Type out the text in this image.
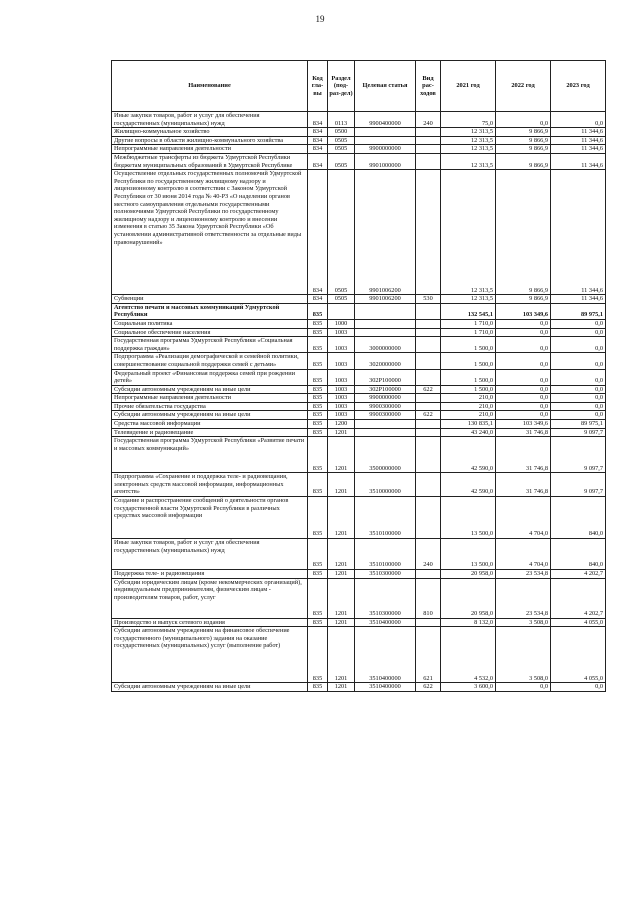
19
Наименование	Код гла-вы	Раздел (под-раз-дел)	Целевая статья	Вид рас-ходов	2021 год	2022 год	2023 год
Иные закупки товаров, работ и услуг для обеспечения государственных (муниципальных) нужд	834	0113	9900400000	240	75,0	0,0	0,0
Жилищно-коммунальное хозяйство	834	0500			12 313,5	9 866,9	11 344,6
Другие вопросы в области жилищно-коммунального хозяйства	834	0505			12 313,5	9 866,9	11 344,6
Непрограммные направления деятельности	834	0505	9900000000		12 313,5	9 866,9	11 344,6
Межбюджетные трансферты из бюджета Удмуртской Республики бюджетам муниципальных образований в Удмуртской Республике	834	0505	9901000000		12 313,5	9 866,9	11 344,6
Осуществление отдельных государственных полномочий Удмуртской Республики по государственному жилищному надзору и лицензионному контролю в соответствии с Законом Удмуртской Республики от 30 июня 2014 года № 40-РЗ «О наделении органов местного самоуправления отдельными государственными полномочиями Удмуртской Республики по государственному жилищному надзору и лицензионному контролю и внесении изменения в статью 35 Закона Удмуртской Республики «Об установлении административной ответственности за отдельные виды правонарушений»	834	0505	9901006200		12 313,5	9 866,9	11 344,6
Субвенции	834	0505	9901006200	530	12 313,5	9 866,9	11 344,6
Агентство печати и массовых коммуникаций Удмуртской Республики	835				132 545,1	103 349,6	89 975,1
Социальная политика	835	1000			1 710,0	0,0	0,0
Социальное обеспечение населения	835	1003			1 710,0	0,0	0,0
Государственная программа Удмуртской Республики «Социальная поддержка граждан»	835	1003	3000000000		1 500,0	0,0	0,0
Подпрограмма «Реализация демографической и семейной политики, совершенствование социальной поддержки семей с детьми»	835	1003	3020000000		1 500,0	0,0	0,0
Федеральный проект «Финансовая поддержка семей при рождении детей»	835	1003	302P100000		1 500,0	0,0	0,0
Субсидии автономным учреждениям на иные цели	835	1003	302P100000	622	1 500,0	0,0	0,0
Непрограммные направления деятельности	835	1003	9900000000		210,0	0,0	0,0
Прочие обязательства государства	835	1003	9900300000		210,0	0,0	0,0
Субсидии автономным учреждениям на иные цели	835	1003	9900300000	622	210,0	0,0	0,0
Средства массовой информации	835	1200			130 835,1	103 349,6	89 975,1
Телевидение и радиовещание	835	1201			43 240,0	31 746,8	9 097,7
Государственная программа Удмуртской Республики «Развитие печати и массовых коммуникаций»	835	1201	3500000000		42 590,0	31 746,8	9 097,7
Подпрограмма «Сохранение и поддержка теле- и радиовещания, электронных средств массовой информации, информационных агентств»	835	1201	3510000000		42 590,0	31 746,8	9 097,7
Создание и распространение сообщений о деятельности органов государственной власти Удмуртской Республики в различных средствах массовой информации	835	1201	3510100000		13 500,0	4 704,0	840,0
Иные закупки товаров, работ и услуг для обеспечения государственных (муниципальных) нужд	835	1201	3510100000	240	13 500,0	4 704,0	840,0
Поддержка теле- и радиовещания	835	1201	3510300000		20 958,0	23 534,8	4 202,7
Субсидии юридическим лицам (кроме некоммерческих организаций), индивидуальным предпринимателям, физическим лицам - производителям товаров, работ, услуг	835	1201	3510300000	810	20 958,0	23 534,8	4 202,7
Производство и выпуск сетевого издания	835	1201	3510400000		8 132,0	3 508,0	4 055,0
Субсидии автономным учреждениям на финансовое обеспечение государственного (муниципального) задания на оказание государственных (муниципальных) услуг (выполнение работ)	835	1201	3510400000	621	4 532,0	3 508,0	4 055,0
Субсидии автономным учреждениям на иные цели	835	1201	3510400000	622	3 600,0	0,0	0,0
